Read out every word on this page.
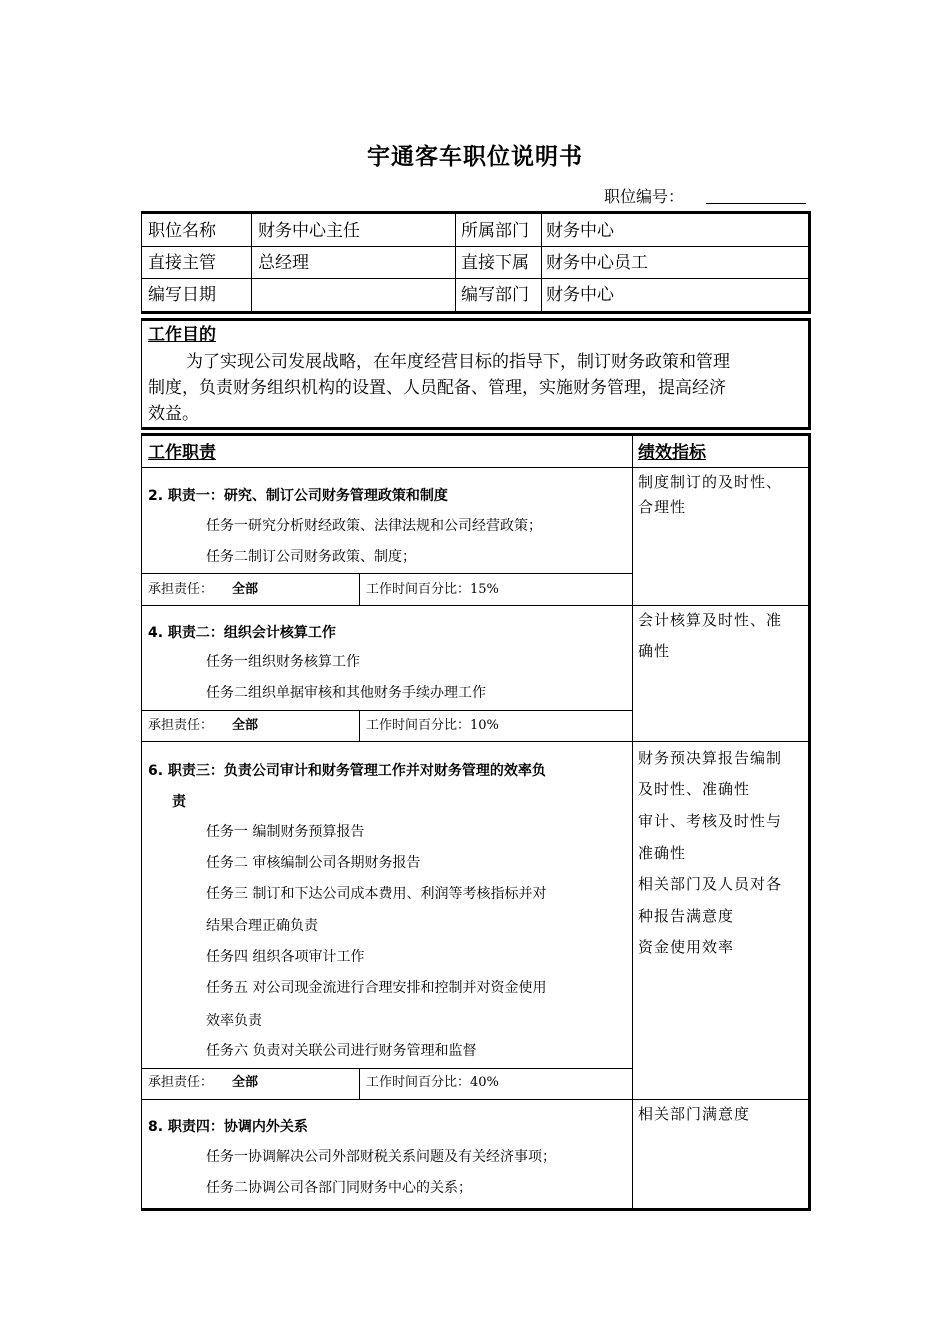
宇通客车职位说明书
职位编号：
职位名称 财务中心主任	所属部门 财务中心
直接主管 总经理	直接下属 财务中心员工
编写日期	编写部门 财务中心
工作目的
为了实现公司发展战略，在年度经营目标的指导下，制订财务政策和管理
制度，负责财务组织机构的设置、人员配备、管理，实施财务管理，提高经济
效益。
工作职责	绩效指标
2. 职责一：研究、制订公司财务管理政策和制度
任务一研究分析财经政策、法律法规和公司经营政策；
任务二制订公司财务政策、制度；
承担责任： 全部	工作时间百分比：15%
制度制订的及时性、
合理性
4. 职责二：组织会计核算工作
任务一组织财务核算工作
任务二组织单据审核和其他财务手续办理工作
承担责任： 全部	工作时间百分比：10%
会计核算及时性、准
确性
6. 职责三：负责公司审计和财务管理工作并对财务管理的效率负
责
任务一 编制财务预算报告
任务二 审核编制公司各期财务报告
任务三 制订和下达公司成本费用、利润等考核指标并对
结果合理正确负责
任务四 组织各项审计工作
任务五 对公司现金流进行合理安排和控制并对资金使用
效率负责
任务六 负责对关联公司进行财务管理和监督
承担责任： 全部	工作时间百分比：40%
财务预决算报告编制
及时性、准确性
审计、考核及时性与
准确性
相关部门及人员对各
种报告满意度
资金使用效率
8. 职责四：协调内外关系
任务一协调解决公司外部财税关系问题及有关经济事项；
任务二协调公司各部门同财务中心的关系；
相关部门满意度
